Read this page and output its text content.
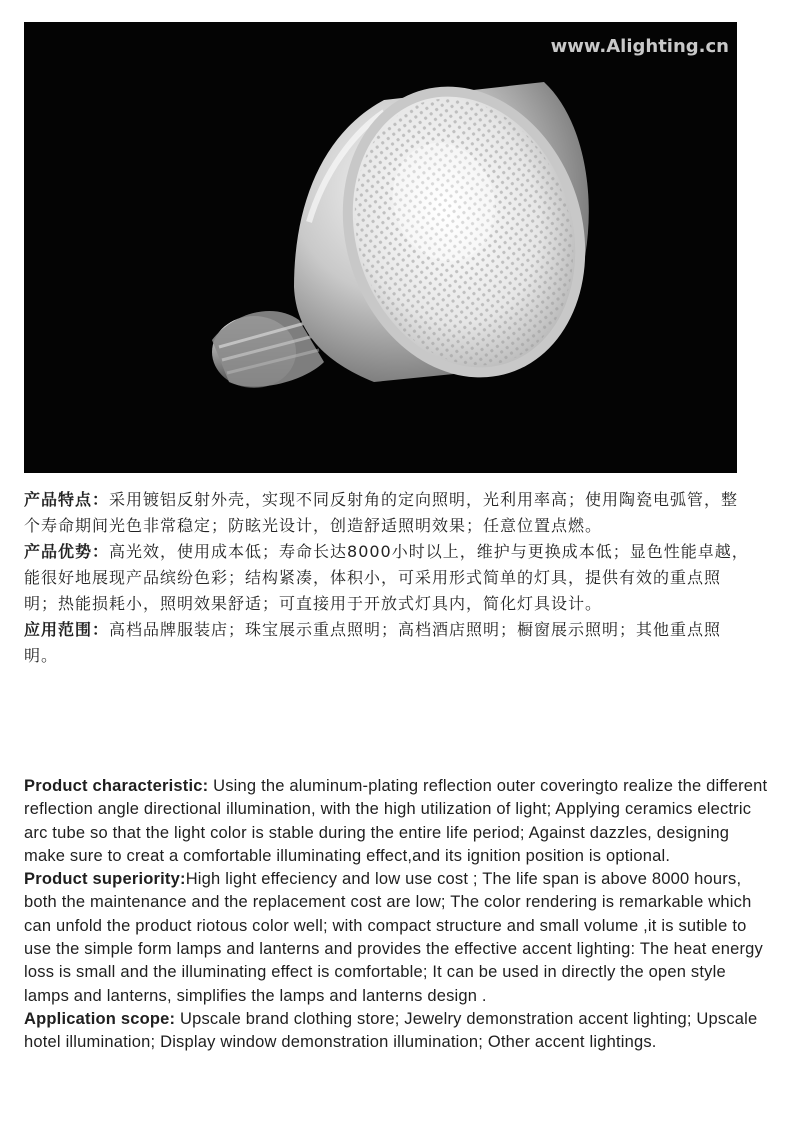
www.Alighting.cn

产品特点：采用镀铝反射外壳，实现不同反射角的定向照明，光利用率高；使用陶瓷电弧管，整个寿命期间光色非常稳定；防眩光设计，创造舒适照明效果；任意位置点燃。

产品优势：高光效，使用成本低；寿命长达8000小时以上，维护与更换成本低；显色性能卓越，能很好地展现产品缤纷色彩；结构紧凑，体积小，可采用形式简单的灯具，提供有效的重点照明；热能损耗小，照明效果舒适；可直接用于开放式灯具内，简化灯具设计。

应用范围：高档品牌服装店；珠宝展示重点照明；高档酒店照明；橱窗展示照明；其他重点照明。

Product characteristic: Using the aluminum-plating reflection outer coveringto realize the different reflection angle directional illumination, with the high utilization of light; Applying ceramics electric arc tube so that the light color is stable during the entire life period; Against dazzles, designing make sure to creat a comfortable illuminating effect,and its ignition position is optional.

Product superiority:High light effeciency and low use cost ; The life span is above 8000 hours, both the maintenance and the replacement cost are low; The color rendering is remarkable which can unfold the product riotous color well; with compact structure and small volume ,it is sutible to use the simple form lamps and lanterns and provides the effective accent lighting: The heat energy loss is small and the illuminating effect is comfortable; It can be used in directly the open style lamps and lanterns, simplifies the lamps and lanterns design .

Application scope: Upscale brand clothing store; Jewelry demonstration accent lighting; Upscale hotel illumination; Display window demonstration illumination; Other accent lightings.
